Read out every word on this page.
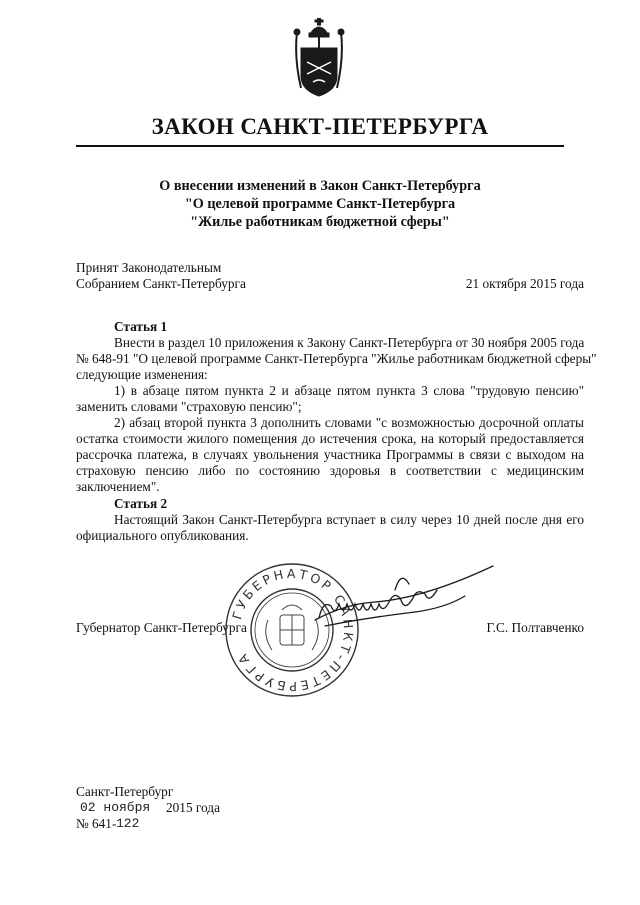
ЗАКОН САНКТ-ПЕТЕРБУРГА
О внесении изменений в Закон Санкт-Петербурга
"О целевой программе Санкт-Петербурга
"Жилье работникам бюджетной сферы"
Принят Законодательным
Собранием Санкт-Петербурга	21 октября 2015 года
Статья 1
Внести в раздел 10 приложения к Закону Санкт-Петербурга от 30 ноября 2005 года
№ 648-91 "О целевой программе Санкт-Петербурга "Жилье работникам бюджетной сферы"
следующие изменения:
1) в абзаце пятом пункта 2 и абзаце пятом пункта 3 слова "трудовую пенсию"
заменить словами "страховую пенсию";
2) абзац второй пункта 3 дополнить словами "с возможностью досрочной оплаты
остатка стоимости жилого помещения до истечения срока, на который предоставляется
рассрочка платежа, в случаях увольнения участника Программы в связи с выходом на
страховую пенсию либо по состоянию здоровья в соответствии с медицинским
заключением".
Статья 2
Настоящий Закон Санкт-Петербурга вступает в силу через 10 дней после дня его
официального опубликования.
Губернатор Санкт-Петербурга	Г.С. Полтавченко
ГУБЕРНАТОР САНКТ-ПЕТЕРБУРГА
Санкт-Петербург
02 ноября 2015 года
№ 641- 122
